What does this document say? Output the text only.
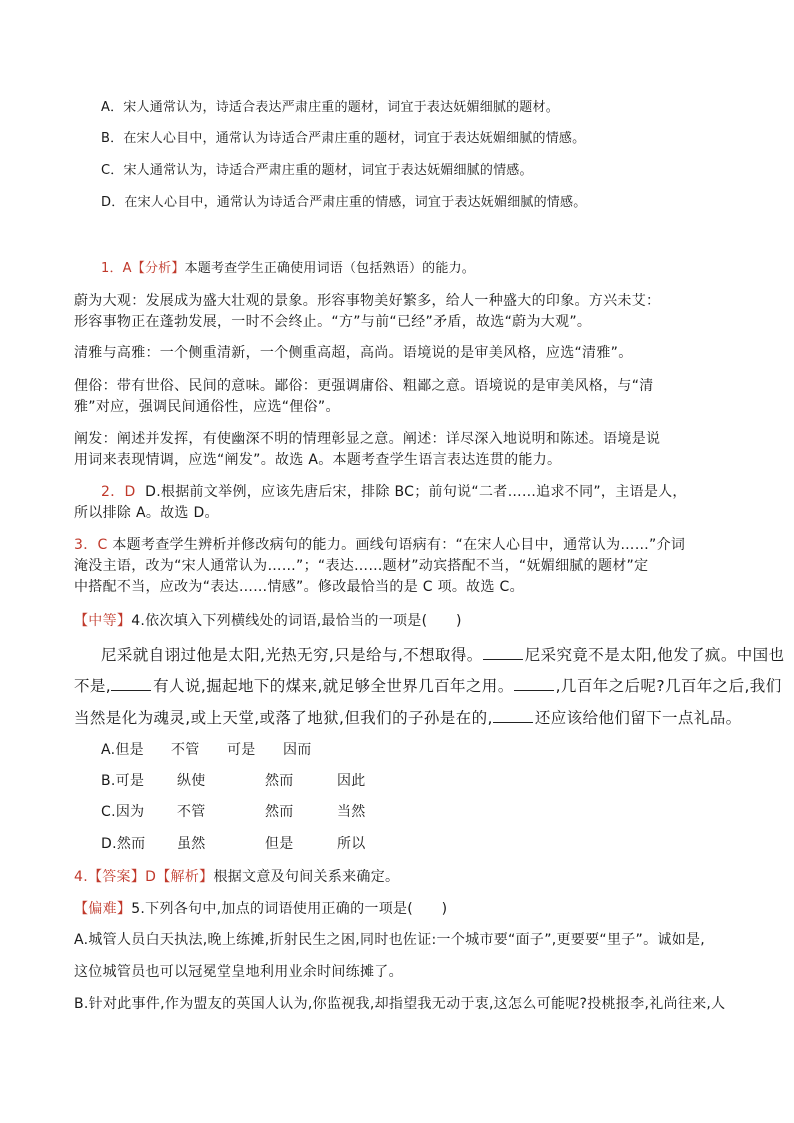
A．宋人通常认为，诗适合表达严肃庄重的题材，词宜于表达妩媚细腻的题材。
B．在宋人心目中，通常认为诗适合严肃庄重的题材，词宜于表达妩媚细腻的情感。
C．宋人通常认为，诗适合严肃庄重的题材，词宜于表达妩媚细腻的情感。
D．在宋人心目中，通常认为诗适合严肃庄重的情感，词宜于表达妩媚细腻的情感。
1．A【分析】本题考查学生正确使用词语（包括熟语）的能力。
蔚为大观：发展成为盛大壮观的景象。形容事物美好繁多，给人一种盛大的印象。方兴未艾：
形容事物正在蓬勃发展，一时不会终止。“方”与前“已经”矛盾，故选“蔚为大观”。
清雅与高雅：一个侧重清新，一个侧重高超，高尚。语境说的是审美风格，应选“清雅”。
俚俗：带有世俗、民间的意味。鄙俗：更强调庸俗、粗鄙之意。语境说的是审美风格，与“清
雅”对应，强调民间通俗性，应选“俚俗”。
阐发：阐述并发挥，有使幽深不明的情理彰显之意。阐述：详尽深入地说明和陈述。语境是说
用词来表现情调，应选“阐发”。故选 A。本题考查学生语言表达连贯的能力。
2．D D.根据前文举例，应该先唐后宋，排除 BC；前句说“二者……追求不同”，主语是人，
所以排除 A。故选 D。
3．C 本题考查学生辨析并修改病句的能力。画线句语病有：“在宋人心目中，通常认为……”介词
淹没主语，改为“宋人通常认为……”；“表达……题材”动宾搭配不当，“妩媚细腻的题材”定
中搭配不当，应改为“表达……情感”。修改最恰当的是 C 项。故选 C。
【中等】4.依次填入下列横线处的词语,最恰当的一项是(　　)
尼采就自诩过他是太阳,光热无穷,只是给与,不想取得。	尼采究竟不是太阳,他发了疯。中国也
不是,	有人说,掘起地下的煤来,就足够全世界几百年之用。	,几百年之后呢?几百年之后,我们
当然是化为魂灵,或上天堂,或落了地狱,但我们的子孙是在的,	还应该给他们留下一点礼品。
A.但是 不管 可是 因而
B.可是 纵使	然而	因此
C.因为 不管	然而	当然
D.然而 虽然	但是	所以
4.【答案】D【解析】根据文意及句间关系来确定。
【偏难】5.下列各句中,加点的词语使用正确的一项是(　　)
A.城管人员白天执法,晚上练摊,折射民生之困,同时也佐证:一个城市要“面子”,更要要“里子”。诚如是,
这位城管员也可以冠冕堂皇地利用业余时间练摊了。
B.针对此事件,作为盟友的英国人认为,你监视我,却指望我无动于衷,这怎么可能呢?投桃报李,礼尚往来,人
